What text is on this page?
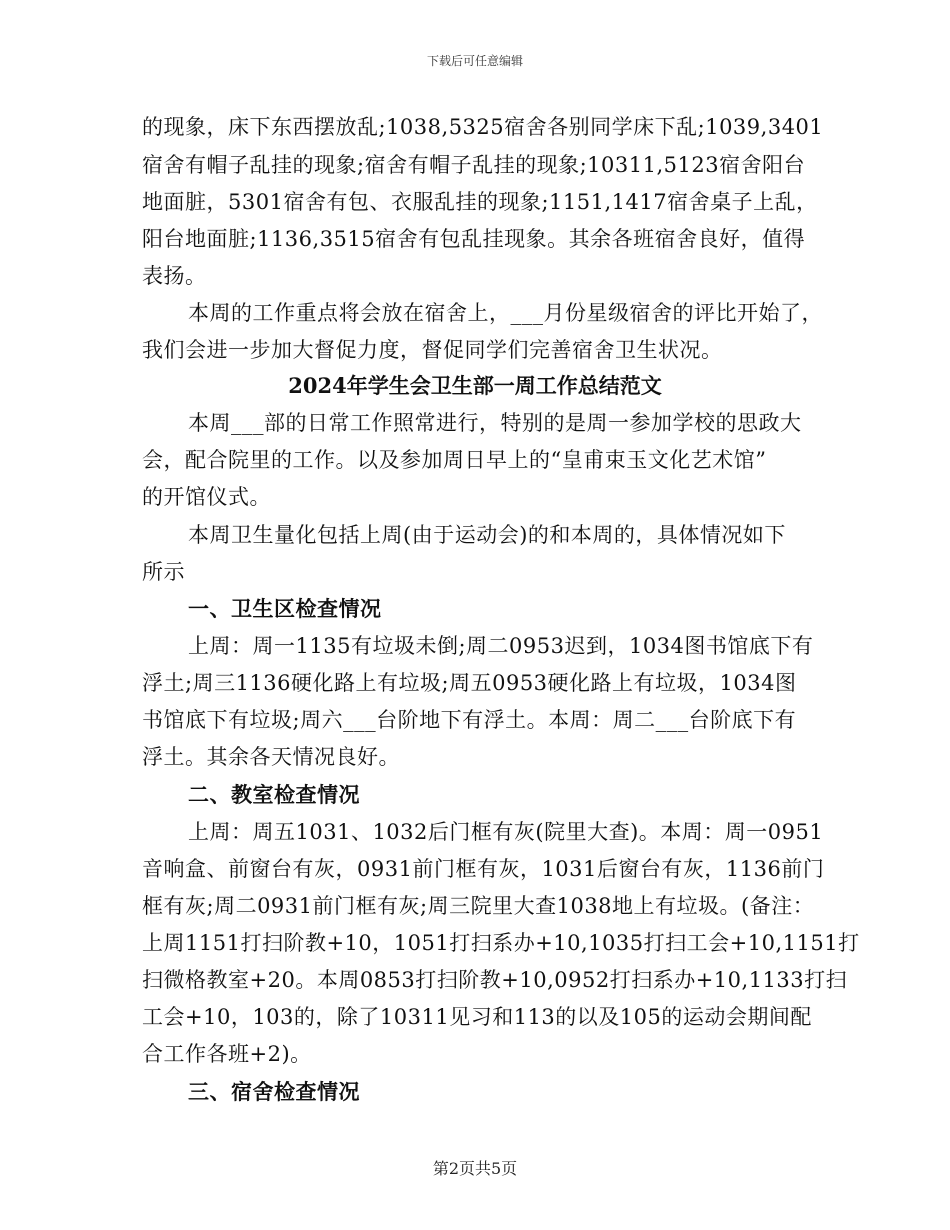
下载后可任意编辑
的现象，床下东西摆放乱;1038,5325宿舍各别同学床下乱;1039,3401
宿舍有帽子乱挂的现象;宿舍有帽子乱挂的现象;10311,5123宿舍阳台
地面脏，5301宿舍有包、衣服乱挂的现象;1151,1417宿舍桌子上乱，
阳台地面脏;1136,3515宿舍有包乱挂现象。其余各班宿舍良好，值得
表扬。
本周的工作重点将会放在宿舍上，___月份星级宿舍的评比开始了，
我们会进一步加大督促力度，督促同学们完善宿舍卫生状况。
2024年学生会卫生部一周工作总结范文
本周___部的日常工作照常进行，特别的是周一参加学校的思政大
会，配合院里的工作。以及参加周日早上的“皇甫束玉文化艺术馆”
的开馆仪式。
本周卫生量化包括上周(由于运动会)的和本周的，具体情况如下
所示
一、卫生区检查情况
上周：周一1135有垃圾未倒;周二0953迟到，1034图书馆底下有
浮土;周三1136硬化路上有垃圾;周五0953硬化路上有垃圾，1034图
书馆底下有垃圾;周六___台阶地下有浮土。本周：周二___台阶底下有
浮土。其余各天情况良好。
二、教室检查情况
上周：周五1031、1032后门框有灰(院里大查)。本周：周一0951
音响盒、前窗台有灰，0931前门框有灰，1031后窗台有灰，1136前门
框有灰;周二0931前门框有灰;周三院里大查1038地上有垃圾。(备注：
上周1151打扫阶教+10，1051打扫系办+10,1035打扫工会+10,1151打
扫微格教室+20。本周0853打扫阶教+10,0952打扫系办+10,1133打扫
工会+10，103的，除了10311见习和113的以及105的运动会期间配
合工作各班+2)。
三、宿舍检查情况
第2页共5页
